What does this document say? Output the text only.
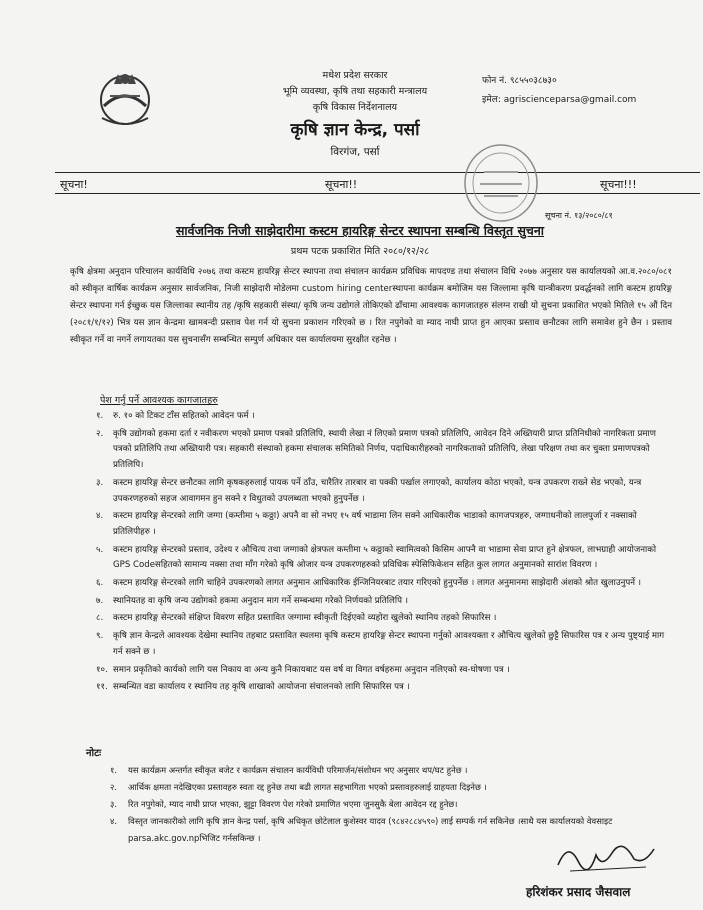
मधेश प्रदेश सरकार
भूमि व्यवस्था, कृषि तथा सहकारी मन्त्रालय
कृषि विकास निर्देशनालय
कृषि ज्ञान केन्द्र, पर्सा
विरगंज, पर्सा
फोन नं. ९८५५०३८७३०
इमेल: agriscienceparsa@gmail.com
सूचना!	सूचना!!	सूचना!!!
सूचना नं. १३/२०८०/८१
सार्वजनिक निजी साझेदारीमा कस्टम हायरिङ्ग सेन्टर स्थापना सम्बन्धि विस्तृत सुचना
प्रथम पटक प्रकाशित मिति २०८०/१२/२८
कृषि क्षेत्रमा अनुदान परिचालन कार्यविधि २०७६ तथा कस्टम हायरिङ्ग सेन्टर स्थापना तथा संचालन कार्यक्रम प्रविधिक मापदण्ड तथा संचालन विधि २०७७ अनुसार यस कार्यालयको आ.व.२०८०/०८१ को स्वीकृत वार्षिक कार्यक्रम अनुसार सार्वजनिक, निजी साझेदारी मोडेलमा custom hiring centerस्थापना कार्यक्रम बमोजिम यस जिल्लामा कृषि यान्त्रीकरण प्रवर्द्धनको लागि कस्टम हायरिङ्ग सेन्टर स्थापना गर्न ईच्छुक यस जिल्लाका स्थानीय तह /कृषि सहकारी संस्था/ कृषि जन्य उद्योगले तोकिएको ढाँचामा आवश्यक कागजातहरु संलग्न राखी यो सुचना प्रकाशित भएको मितिले १५ औं दिन (२०८१/१/१२) भित्र यस ज्ञान केन्द्रमा खामबन्दी प्रस्ताव पेश गर्न यो सुचना प्रकाशन गरिएको छ । रित नपुगेको वा म्याद नाघी प्राप्त हुन आएका प्रस्ताव छनौटका लागि समावेश हुने छैन । प्रस्ताव स्वीकृत गर्ने वा नगर्ने लगायतका यस सुचनासँग सम्बन्धित सम्पुर्ण अधिकार यस कार्यालयमा सुरक्षीत रहनेछ ।
पेश गर्नु पर्ने आवश्यक कागजातहरु
१. रु. १० को टिकट टाँस सहितको आवेदन फर्म ।
२. कृषि उद्योगको हकमा दर्ता र नवीकरण भएको प्रमाण पत्रको प्रतिलिपि, स्थायी लेखा नं लिएको प्रमाण पत्रको प्रतिलिपि, आवेदन दिने अख्तियारी प्राप्त प्रतिनिधीको नागरिकता प्रमाण पत्रको प्रतिलिपि तथा अख्तियारी पत्र। सहकारी संस्थाको हकमा संचालक समितिको निर्णय, पदाधिकारीहरुको नागरिकताको प्रतिलिपि, लेखा परिक्षण तथा कर चुक्ता प्रमाणपत्रको प्रतिलिपि।
३. कस्टम हायरिङ्ग सेन्टर छनौटका लागि कृषकहरुलाई पायक पर्ने ठाँउ, चारैतिर तारबार वा पक्की पर्खाल लगाएको, कार्यालय कोठा भएको, यन्त्र उपकरण राख्ने सेड भएको, यन्त्र उपकरणहरुको सहज आवागमन हुन सक्ने र विधुतको उपलब्धता भएको हुनुपर्नेछ ।
४. कस्टम हायरिङ्ग सेन्टरको लागि जग्गा (कम्तीमा ५ कठ्ठा) अपनै वा सो नभए १५ वर्ष भाडामा लिन सक्ने आधिकारीक भाडाको कागजपत्रहरु, जग्गाधनीको लालपुर्जा र नक्साको प्रतिलिपीहरु ।
५. कस्टम हायरिङ्ग सेन्टरको प्रस्ताव, उदेश्य र औचित्य तथा जग्गाको क्षेत्रफल कम्तीमा ५ कठ्ठाको स्वामित्वको किसिम आफ्नै वा भाडामा सेवा प्राप्त हुने क्षेत्रफल, लाभग्राही आयोजनाको GPS Codeसहितको सामान्य नक्सा तथा माँग गरेको कृषि ओजार यन्त्र उपकरणहरुको प्रविधिक स्पेसिफिकेशन सहित कुल लागत अनुमानको सारांश विवरण ।
६. कस्टम हायरिङ्ग सेन्टरको लागि चाहिने उपकरणको लागत अनुमान आधिकारिक ईन्जिनियरबाट तयार गरिएको हुनुपर्नेछ । लागत अनुमानमा साझेदारी अंशको श्रोत खुलाउनुपर्ने ।
७. स्थानियतह वा कृषि जन्य उद्योगको हकमा अनुदान माग गर्ने सम्बन्धमा गरेको निर्णयको प्रतिलिपि ।
८. कस्टम हायरिङ्ग सेन्टरको संक्षिप्त विवरण सहित प्रस्तावित जग्गामा स्वीकृती दिईएको व्यहोरा खुलेको स्थानिय तहको सिफारिस ।
९. कृषि ज्ञान केन्द्रले आवश्यक देखेमा स्थानिय तहबाट प्रस्तावित स्थलमा कृषि कस्टम हायरिङ्ग सेन्टर स्थापना गर्नुको आवश्यक्ता र औचित्य खुलेको छुट्टै सिफारिस पत्र र अन्य पुष्ट्याई माग गर्न सक्ने छ ।
१०. समान प्रकृतिको कार्यको लागि यस निकाय वा अन्य कुनै निकायबाट यस वर्ष वा विगत वर्षहरुमा अनुदान नलिएको स्व-घोषणा पत्र ।
११. सम्बन्धित वडा कार्यालय र स्थानिय तह कृषि शाखाको आयोजना संचालनको लागि सिफारिस पत्र ।
नोटः
१. यस कार्यक्रम अन्तर्गत स्वीकृत बजेट र कार्यक्रम संचालन कार्यविधी परिमार्जन/संशोधन भए अनुसार थप/घट हुनेछ ।
२. आर्थिक क्षमता नदेखिएका प्रस्तावहरु स्वतः रद्द हुनेछ तथा बढी लागत सहभागिता भएको प्रस्तावहरुलाई ग्राहयता दिइनेछ ।
३. रित नपुगेको, म्याद नाघी प्राप्त भएका, झुट्टा विवरण पेश गरेको प्रमाणित भएमा जुनसुकै बेला आवेदन रद्द हुनेछ।
४. विस्तृत जानकारीको लागि कृषि ज्ञान केन्द्र पर्सा, कृषि अधिकृत छोटेलाल कुशेस्वर यादव (९८४२८८४५९०) लाई सम्पर्क गर्न सकिनेछ ।साथै यस कार्यालयको वेवसाइट parsa.akc.gov.npभिजिट गर्नसकिन्छ ।
हरिशंकर प्रसाद जैसवाल
